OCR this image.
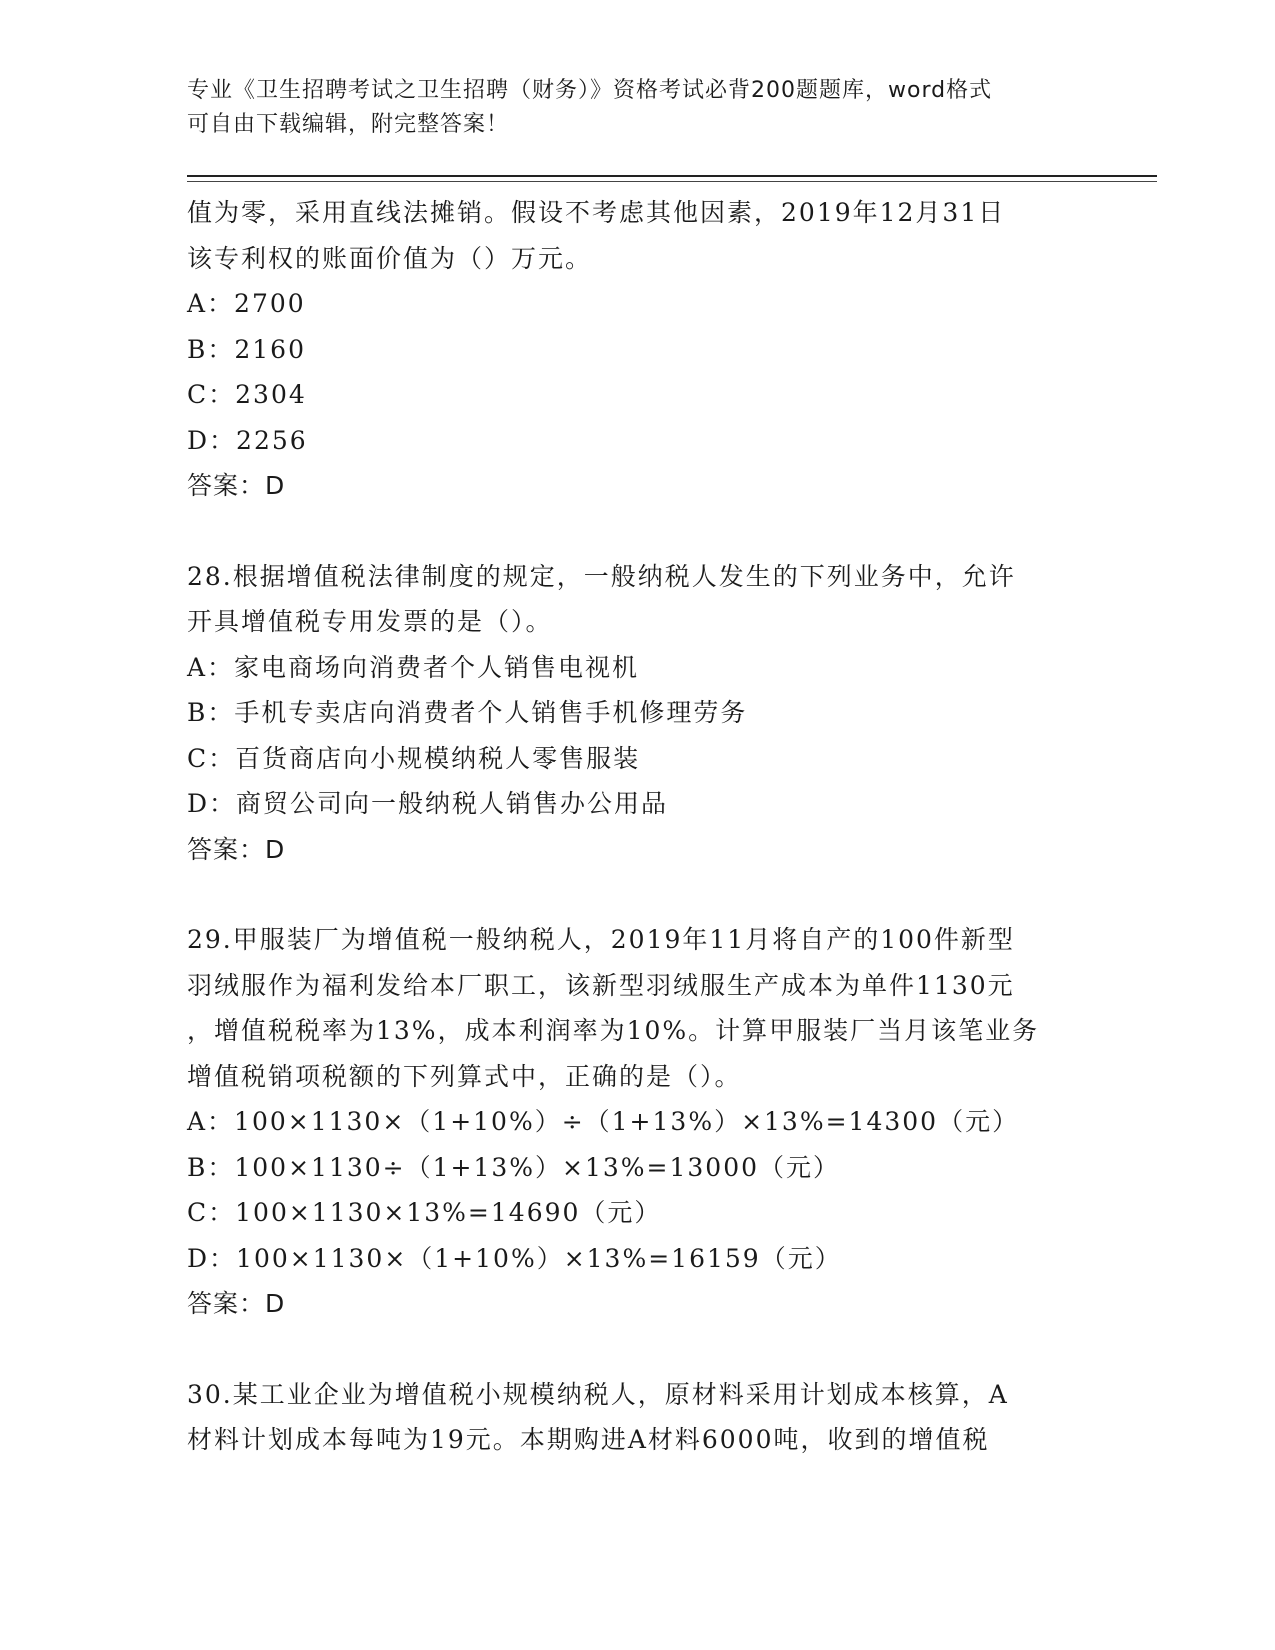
专业《卫生招聘考试之卫生招聘（财务）》资格考试必背200题题库，word格式
可自由下载编辑，附完整答案！
值为零，采用直线法摊销。假设不考虑其他因素，2019年12月31日
该专利权的账面价值为（）万元。
A：2700
B：2160
C：2304
D：2256
答案：D
28.根据增值税法律制度的规定，一般纳税人发生的下列业务中，允许
开具增值税专用发票的是（）。
A：家电商场向消费者个人销售电视机
B：手机专卖店向消费者个人销售手机修理劳务
C：百货商店向小规模纳税人零售服装
D：商贸公司向一般纳税人销售办公用品
答案：D
29.甲服装厂为增值税一般纳税人，2019年11月将自产的100件新型
羽绒服作为福利发给本厂职工，该新型羽绒服生产成本为单件1130元
，增值税税率为13%，成本利润率为10%。计算甲服装厂当月该笔业务
增值税销项税额的下列算式中，正确的是（）。
A：100×1130×（1+10%）÷（1+13%）×13%=14300（元）
B：100×1130÷（1+13%）×13%=13000（元）
C：100×1130×13%=14690（元）
D：100×1130×（1+10%）×13%=16159（元）
答案：D
30.某工业企业为增值税小规模纳税人，原材料采用计划成本核算，A
材料计划成本每吨为19元。本期购进A材料6000吨，收到的增值税
